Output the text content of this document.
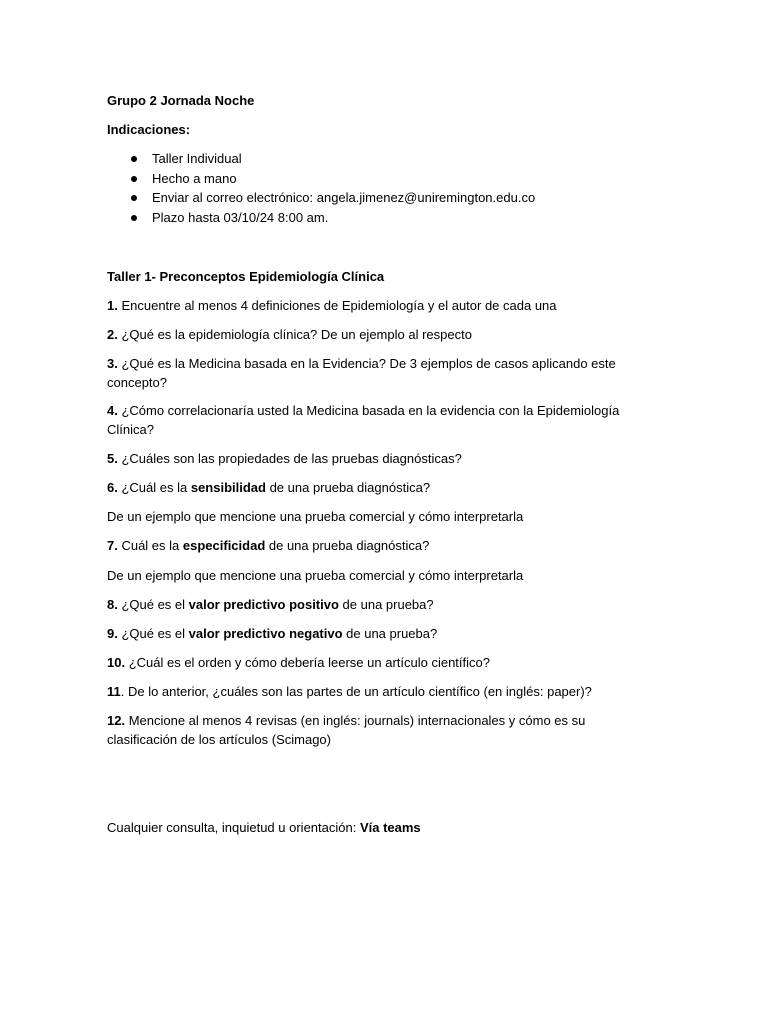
Grupo 2 Jornada Noche
Indicaciones:
Taller Individual
Hecho a mano
Enviar al correo electrónico: angela.jimenez@uniremington.edu.co
Plazo hasta 03/10/24 8:00 am.
Taller 1- Preconceptos Epidemiología Clínica
1. Encuentre al menos 4 definiciones de Epidemiología y el autor de cada una
2. ¿Qué es la epidemiología clínica? De un ejemplo al respecto
3. ¿Qué es la Medicina basada en la Evidencia? De 3 ejemplos de casos aplicando este concepto?
4. ¿Cómo correlacionaría usted la Medicina basada en la evidencia con la Epidemiología Clínica?
5. ¿Cuáles son las propiedades de las pruebas diagnósticas?
6. ¿Cuál es la sensibilidad de una prueba diagnóstica?
De un ejemplo que mencione una prueba comercial y cómo interpretarla
7. Cuál es la especificidad de una prueba diagnóstica?
De un ejemplo que mencione una prueba comercial y cómo interpretarla
8. ¿Qué es el valor predictivo positivo de una prueba?
9. ¿Qué es el valor predictivo negativo de una prueba?
10. ¿Cuál es el orden y cómo debería leerse un artículo científico?
11. De lo anterior, ¿cuáles son las partes de un artículo científico (en inglés: paper)?
12. Mencione al menos 4 revisas (en inglés: journals) internacionales y cómo es su clasificación de los artículos (Scimago)
Cualquier consulta, inquietud u orientación: Vía teams
